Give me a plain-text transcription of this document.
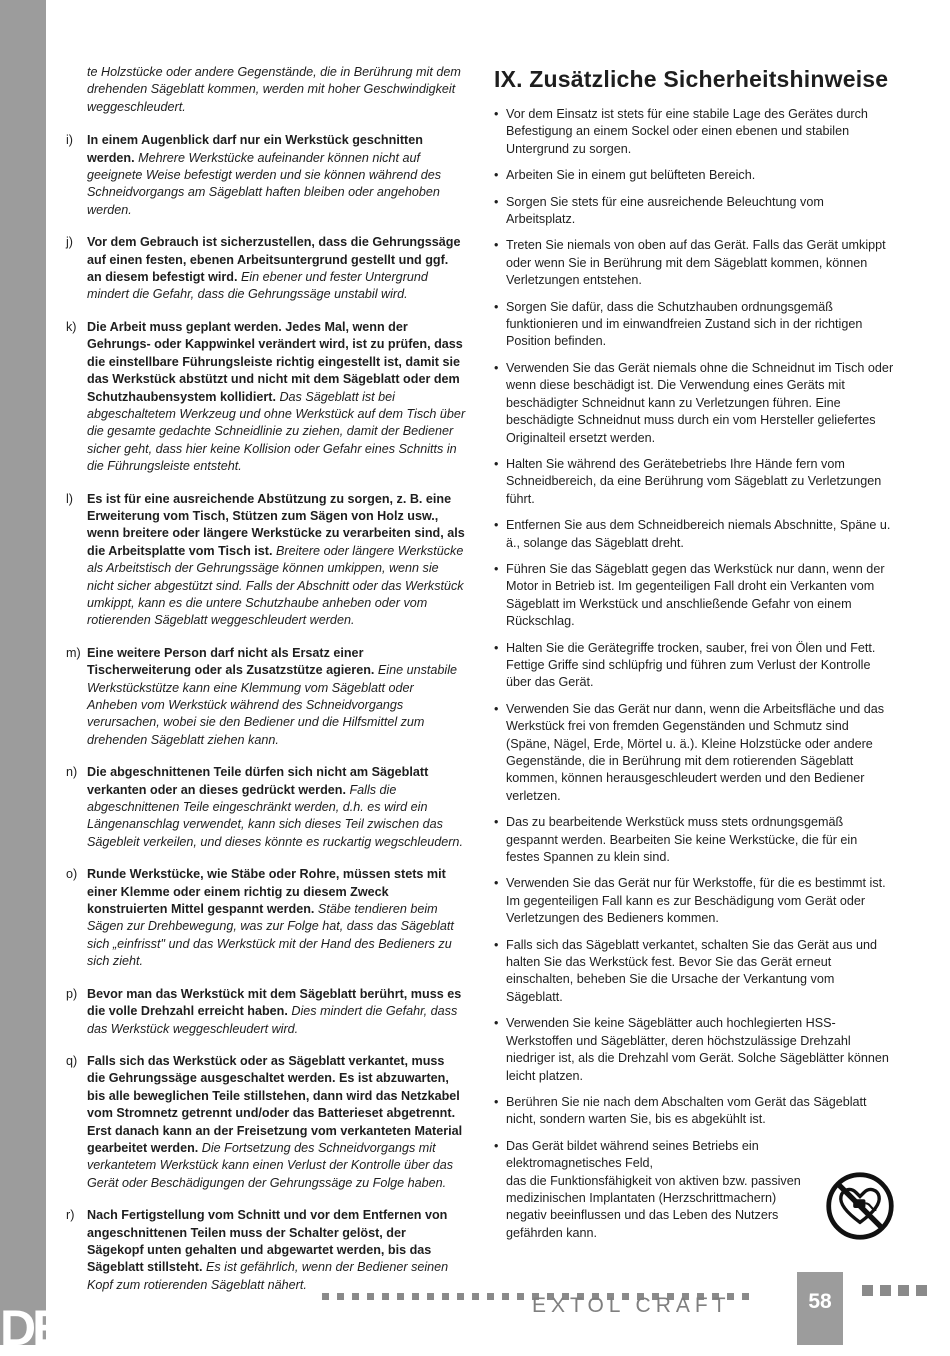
DE
te Holzstücke oder andere Gegenstände, die in Berührung mit dem drehenden Sägeblatt kommen, werden mit hoher Geschwindigkeit weggeschleudert.
i) In einem Augenblick darf nur ein Werkstück geschnitten werden. Mehrere Werkstücke aufeinander können nicht auf geeignete Weise befestigt werden und sie können während des Schneidvorgangs am Sägeblatt haften bleiben oder angehoben werden.
j) Vor dem Gebrauch ist sicherzustellen, dass die Gehrungssäge auf einen festen, ebenen Arbeitsuntergrund gestellt und ggf. an diesem befestigt wird. Ein ebener und fester Untergrund mindert die Gefahr, dass die Gehrungssäge unstabil wird.
k) Die Arbeit muss geplant werden. Jedes Mal, wenn der Gehrungs- oder Kappwinkel verändert wird, ist zu prüfen, dass die einstellbare Führungsleiste richtig eingestellt ist, damit sie das Werkstück abstützt und nicht mit dem Sägeblatt oder dem Schutzhaubensystem kollidiert. Das Sägeblatt ist bei abgeschaltetem Werkzeug und ohne Werkstück auf dem Tisch über die gesamte gedachte Schneidlinie zu ziehen, damit der Bediener sicher geht, dass hier keine Kollision oder Gefahr eines Schnitts in die Führungsleiste entsteht.
l) Es ist für eine ausreichende Abstützung zu sorgen, z. B. eine Erweiterung vom Tisch, Stützen zum Sägen von Holz usw., wenn breitere oder längere Werkstücke zu verarbeiten sind, als die Arbeitsplatte vom Tisch ist. Breitere oder längere Werkstücke als Arbeitstisch der Gehrungssäge können umkippen, wenn sie nicht sicher abgestützt sind. Falls der Abschnitt oder das Werkstück umkippt, kann es die untere Schutzhaube anheben oder vom rotierenden Sägeblatt weggeschleudert werden.
m) Eine weitere Person darf nicht als Ersatz einer Tischerweiterung oder als Zusatzstütze agieren. Eine unstabile Werkstückstütze kann eine Klemmung vom Sägeblatt oder Anheben vom Werkstück während des Schneidvorgangs verursachen, wobei sie den Bediener und die Hilfsmittel zum drehenden Sägeblatt ziehen kann.
n) Die abgeschnittenen Teile dürfen sich nicht am Sägeblatt verkanten oder an dieses gedrückt werden. Falls die abgeschnittenen Teile eingeschränkt werden, d.h. es wird ein Längenanschlag verwendet, kann sich dieses Teil zwischen das Sägebleit verkeilen, und dieses könnte es ruckartig wegschleudern.
o) Runde Werkstücke, wie Stäbe oder Rohre, müssen stets mit einer Klemme oder einem richtig zu diesem Zweck konstruierten Mittel gespannt werden. Stäbe tendieren beim Sägen zur Drehbewegung, was zur Folge hat, dass das Sägeblatt sich „einfrisst" und das Werkstück mit der Hand des Bedieners zu sich zieht.
p) Bevor man das Werkstück mit dem Sägeblatt berührt, muss es die volle Drehzahl erreicht haben. Dies mindert die Gefahr, dass das Werkstück weggeschleudert wird.
q) Falls sich das Werkstück oder as Sägeblatt verkantet, muss die Gehrungssäge ausgeschaltet werden. Es ist abzuwarten, bis alle beweglichen Teile stillstehen, dann wird das Netzkabel vom Stromnetz getrennt und/oder das Batterieset abgetrennt. Erst danach kann an der Freisetzung vom verkanteten Material gearbeitet werden. Die Fortsetzung des Schneidvorgangs mit verkantetem Werkstück kann einen Verlust der Kontrolle über das Gerät oder Beschädigungen der Gehrungssäge zu Folge haben.
r) Nach Fertigstellung vom Schnitt und vor dem Entfernen von angeschnittenen Teilen muss der Schalter gelöst, der Sägekopf unten gehalten und abgewartet werden, bis das Sägeblatt stillsteht. Es ist gefährlich, wenn der Bediener seinen Kopf zum rotierenden Sägeblatt nähert.
IX. Zusätzliche Sicherheitshinweise
• Vor dem Einsatz ist stets für eine stabile Lage des Gerätes durch Befestigung an einem Sockel oder einen ebenen und stabilen Untergrund zu sorgen.
• Arbeiten Sie in einem gut belüfteten Bereich.
• Sorgen Sie stets für eine ausreichende Beleuchtung vom Arbeitsplatz.
• Treten Sie niemals von oben auf das Gerät. Falls das Gerät umkippt oder wenn Sie in Berührung mit dem Sägeblatt kommen, können Verletzungen entstehen.
• Sorgen Sie dafür, dass die Schutzhauben ordnungsgemäß funktionieren und im einwandfreien Zustand sich in der richtigen Position befinden.
• Verwenden Sie das Gerät niemals ohne die Schneidnut im Tisch oder wenn diese beschädigt ist. Die Verwendung eines Geräts mit beschädigter Schneidnut kann zu Verletzungen führen. Eine beschädigte Schneidnut muss durch ein vom Hersteller geliefertes Originalteil ersetzt werden.
• Halten Sie während des Gerätebetriebs Ihre Hände fern vom Schneidbereich, da eine Berührung vom Sägeblatt zu Verletzungen führt.
• Entfernen Sie aus dem Schneidbereich niemals Abschnitte, Späne u. ä., solange das Sägeblatt dreht.
• Führen Sie das Sägeblatt gegen das Werkstück nur dann, wenn der Motor in Betrieb ist. Im gegenteiligen Fall droht ein Verkanten vom Sägeblatt im Werkstück und anschließende Gefahr von einem Rückschlag.
• Halten Sie die Gerätegriffe trocken, sauber, frei von Ölen und Fett. Fettige Griffe sind schlüpfrig und führen zum Verlust der Kontrolle über das Gerät.
• Verwenden Sie das Gerät nur dann, wenn die Arbeitsfläche und das Werkstück frei von fremden Gegenständen und Schmutz sind (Späne, Nägel, Erde, Mörtel u. ä.). Kleine Holzstücke oder andere Gegenstände, die in Berührung mit dem rotierenden Sägeblatt kommen, können herausgeschleudert werden und den Bediener verletzen.
• Das zu bearbeitende Werkstück muss stets ordnungsgemäß gespannt werden. Bearbeiten Sie keine Werkstücke, die für ein festes Spannen zu klein sind.
• Verwenden Sie das Gerät nur für Werkstoffe, für die es bestimmt ist. Im gegenteiligen Fall kann es zur Beschädigung vom Gerät oder Verletzungen des Bedieners kommen.
• Falls sich das Sägeblatt verkantet, schalten Sie das Gerät aus und halten Sie das Werkstück fest. Bevor Sie das Gerät erneut einschalten, beheben Sie die Ursache der Verkantung vom Sägeblatt.
• Verwenden Sie keine Sägeblätter auch hochlegierten HSS-Werkstoffen und Sägeblätter, deren höchstzulässige Drehzahl niedriger ist, als die Drehzahl vom Gerät. Solche Sägeblätter können leicht platzen.
• Berühren Sie nie nach dem Abschalten vom Gerät das Sägeblatt nicht, sondern warten Sie, bis es abgekühlt ist.
• Das Gerät bildet während seines Betriebs ein elektromagnetisches Feld,
das die Funktionsfähigkeit von aktiven bzw. passiven medizinischen Implantaten (Herzschrittmachern) negativ beeinflussen und das Leben des Nutzers gefährden kann.
EXTOL CRAFT	58
